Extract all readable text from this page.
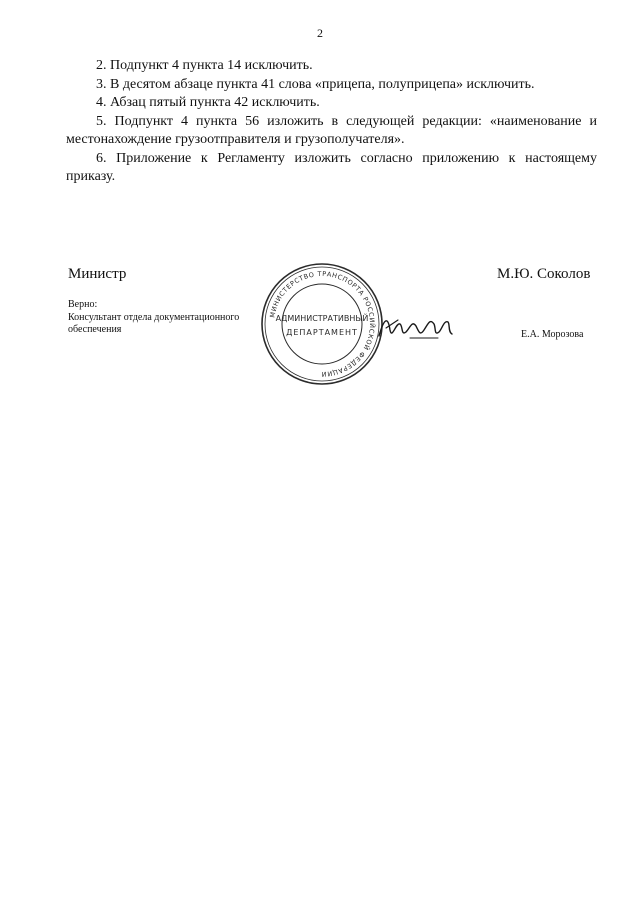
2

2. Подпункт 4 пункта 14 исключить.

3. В десятом абзаце пункта 41 слова «прицепа, полуприцепа» исключить.

4. Абзац пятый пункта 42 исключить.

5. Подпункт 4 пункта 56 изложить в следующей редакции: «наименование и местонахождение грузоотправителя и грузополучателя».

6. Приложение к Регламенту изложить согласно приложению к настоящему приказу.

Министр	М.Ю. Соколов
Верно:
Консультант отдела документационного обеспечения	Е.А. Морозова
МИНИСТЕРСТВО ТРАНСПОРТА РОССИЙСКОЙ ФЕДЕРАЦИИ
АДМИНИСТРАТИВНЫЙ
ДЕПАРТАМЕНТ
